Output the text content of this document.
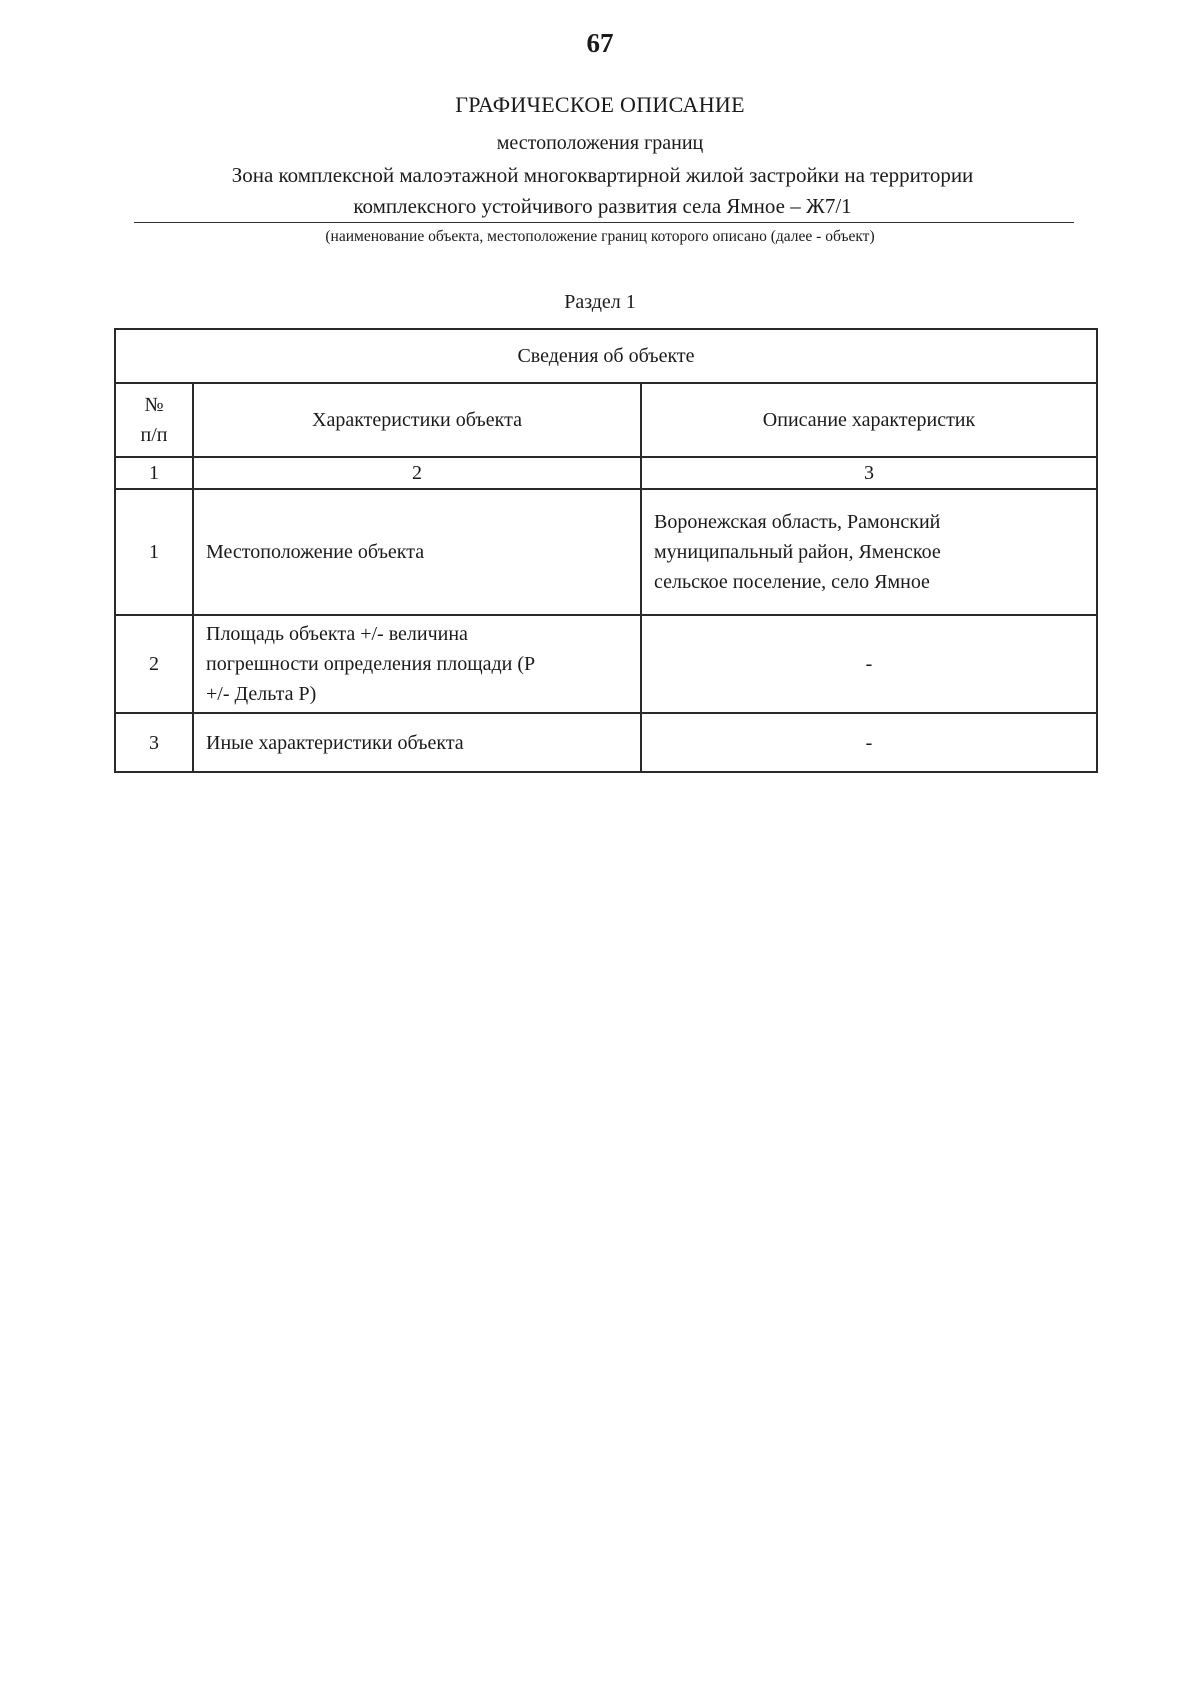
67
ГРАФИЧЕСКОЕ ОПИСАНИЕ
местоположения границ
Зона комплексной малоэтажной многоквартирной жилой застройки на территории
комплексного устойчивого развития села Ямное – Ж7/1
(наименование объекта, местоположение границ которого описано (далее - объект)
Раздел 1
Сведения об объекте		

№
п/п	Характеристики объекта	Описание характеристик
1	2	3
1	Местоположение объекта	Воронежская область, Рамонский
муниципальный район, Яменское
сельское поселение, село Ямное

2	Площадь объекта +/- величина
погрешности определения площади (Р
+/- Дельта Р)	-
3	Иные характеристики объекта	-
